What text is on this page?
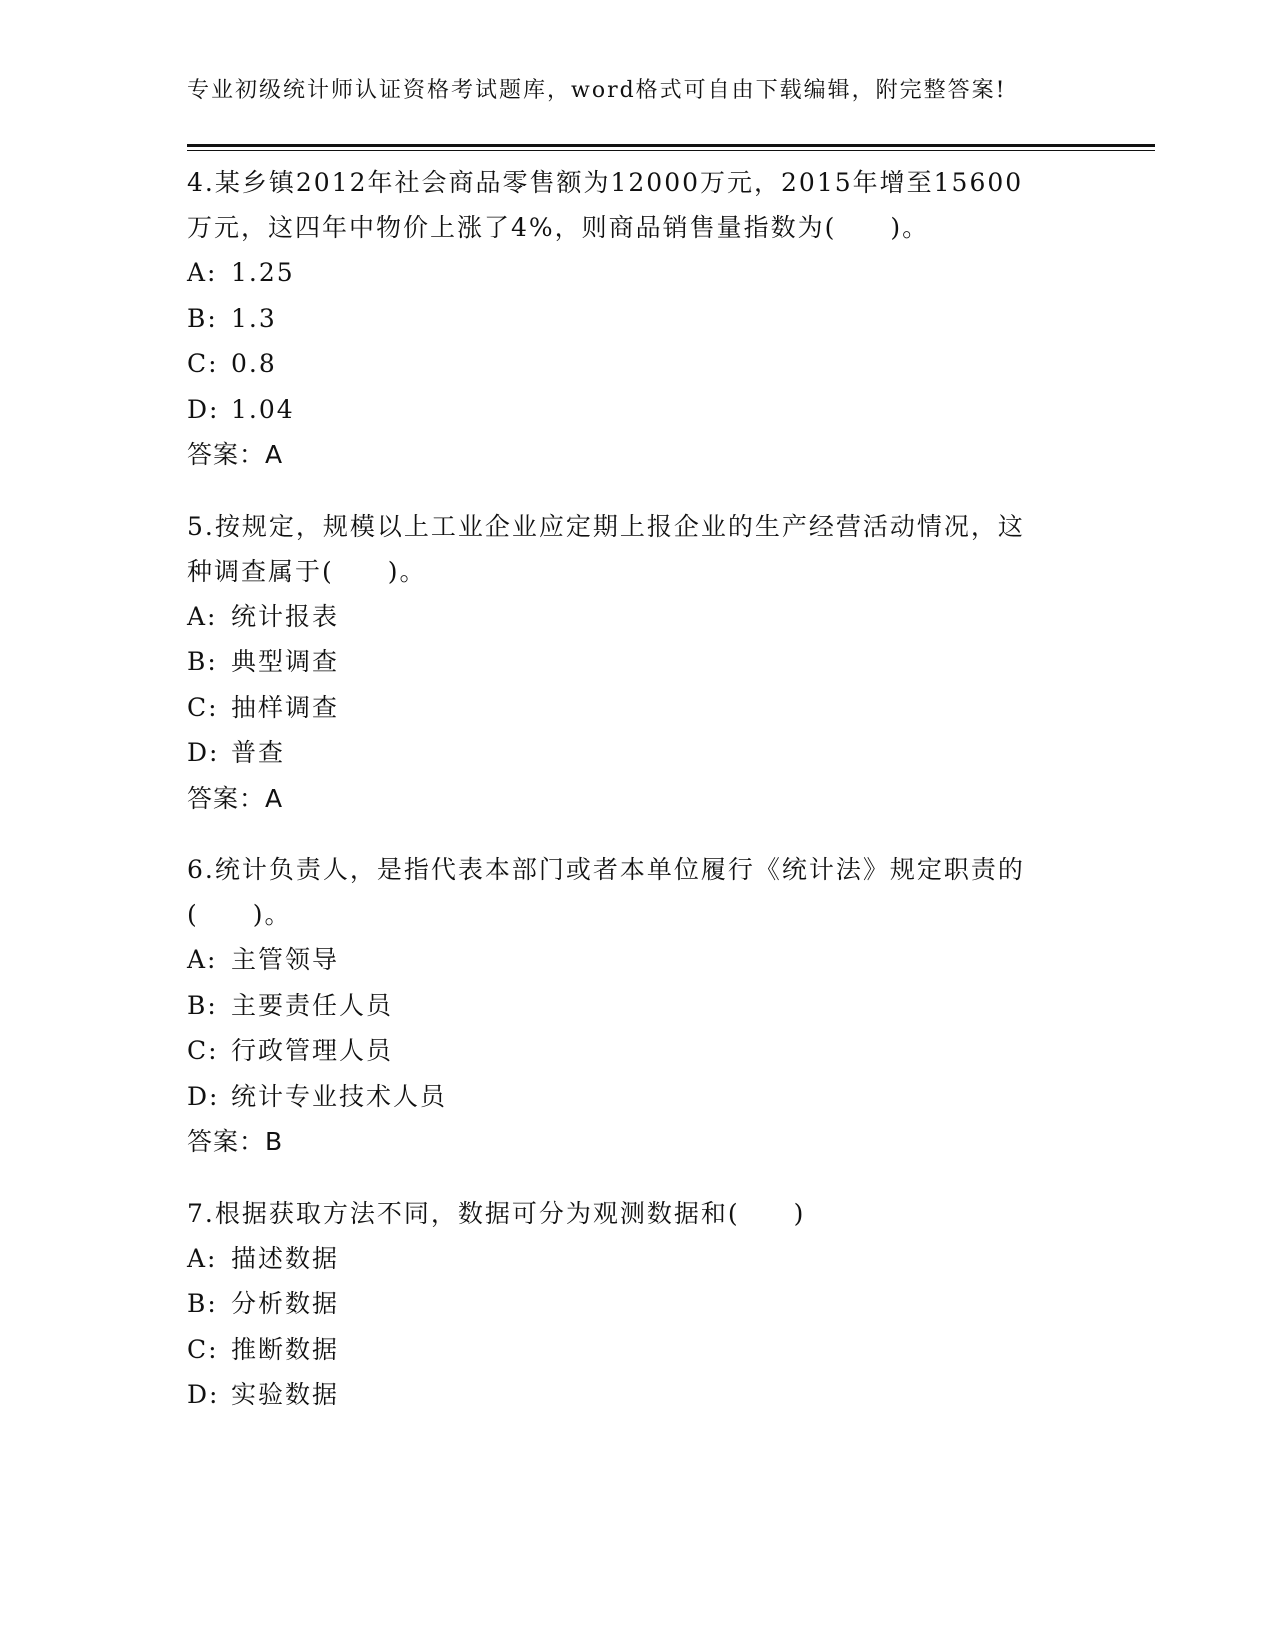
专业初级统计师认证资格考试题库，word格式可自由下载编辑，附完整答案!
4.某乡镇2012年社会商品零售额为12000万元，2015年增至15600万元，这四年中物价上涨了4%，则商品销售量指数为(　　)。
A: 1.25
B: 1.3
C: 0.8
D: 1.04
答案：A
5.按规定，规模以上工业企业应定期上报企业的生产经营活动情况，这种调查属于(　　)。
A: 统计报表
B: 典型调查
C: 抽样调查
D: 普查
答案：A
6.统计负责人，是指代表本部门或者本单位履行《统计法》规定职责的(　　)。
A: 主管领导
B: 主要责任人员
C: 行政管理人员
D: 统计专业技术人员
答案：B
7.根据获取方法不同，数据可分为观测数据和(　　)
A: 描述数据
B: 分析数据
C: 推断数据
D: 实验数据
